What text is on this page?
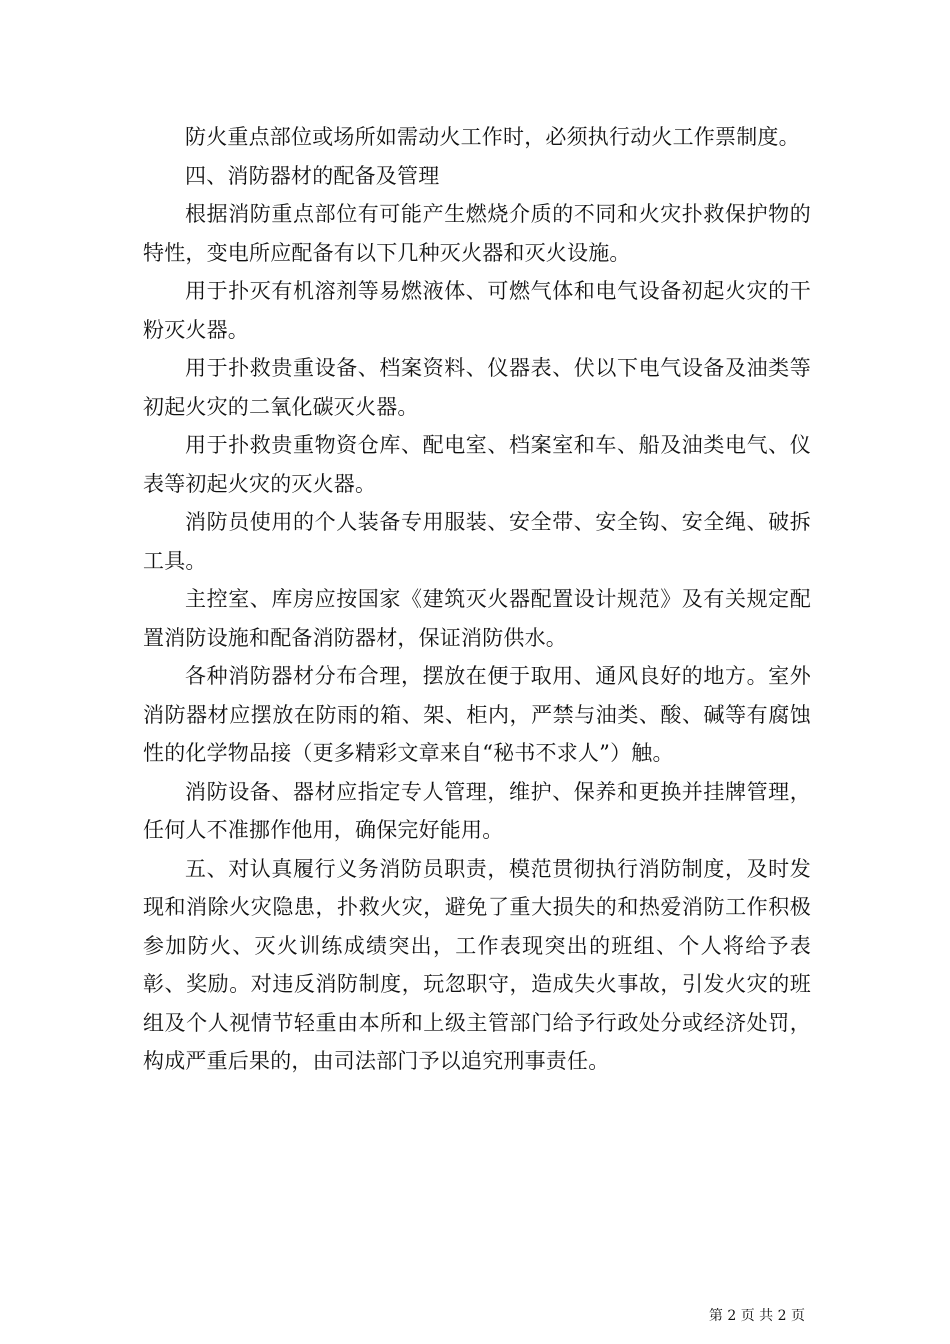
防火重点部位或场所如需动火工作时，必须执行动火工作票制度。

四、消防器材的配备及管理

根据消防重点部位有可能产生燃烧介质的不同和火灾扑救保护物的特性，变电所应配备有以下几种灭火器和灭火设施。

用于扑灭有机溶剂等易燃液体、可燃气体和电气设备初起火灾的干粉灭火器。

用于扑救贵重设备、档案资料、仪器表、伏以下电气设备及油类等初起火灾的二氧化碳灭火器。

用于扑救贵重物资仓库、配电室、档案室和车、船及油类电气、仪表等初起火灾的灭火器。

消防员使用的个人装备专用服装、安全带、安全钩、安全绳、破拆工具。

主控室、库房应按国家《建筑灭火器配置设计规范》及有关规定配置消防设施和配备消防器材，保证消防供水。

各种消防器材分布合理，摆放在便于取用、通风良好的地方。室外消防器材应摆放在防雨的箱、架、柜内，严禁与油类、酸、碱等有腐蚀性的化学物品接（更多精彩文章来自“秘书不求人”）触。

消防设备、器材应指定专人管理，维护、保养和更换并挂牌管理，任何人不准挪作他用，确保完好能用。

五、对认真履行义务消防员职责，模范贯彻执行消防制度，及时发现和消除火灾隐患，扑救火灾，避免了重大损失的和热爱消防工作积极参加防火、灭火训练成绩突出，工作表现突出的班组、个人将给予表彰、奖励。对违反消防制度，玩忽职守，造成失火事故，引发火灾的班组及个人视情节轻重由本所和上级主管部门给予行政处分或经济处罚，构成严重后果的，由司法部门予以追究刑事责任。

第 2 页 共 2 页
